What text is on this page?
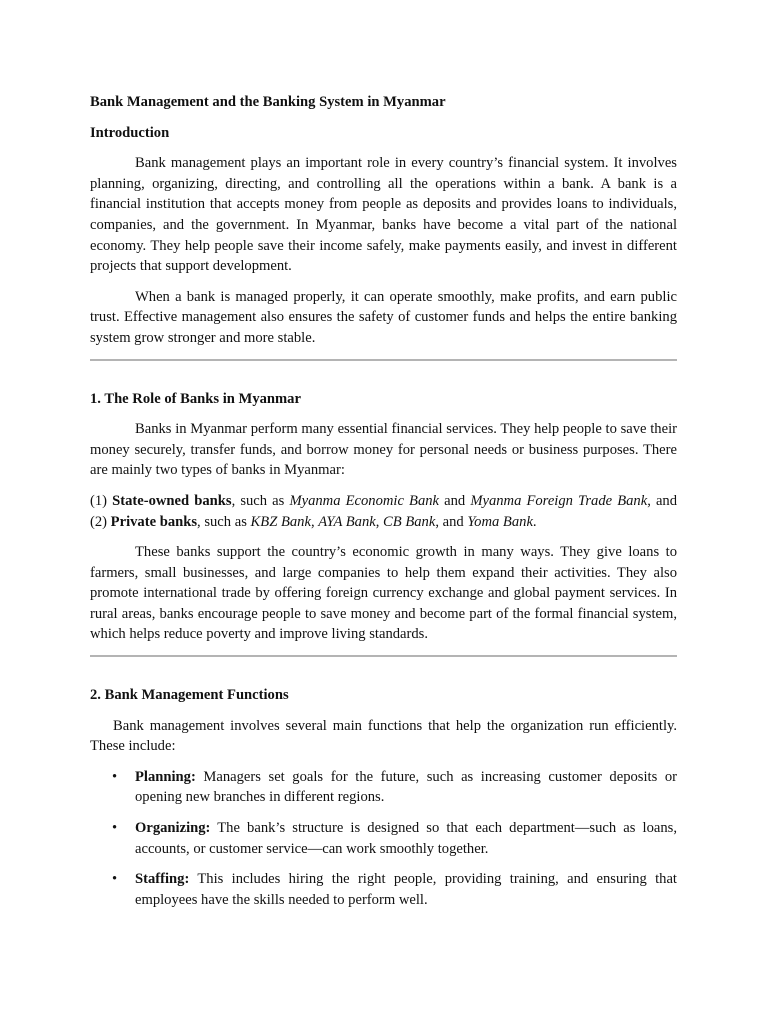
Bank Management and the Banking System in Myanmar

Introduction

Bank management plays an important role in every country’s financial system. It involves planning, organizing, directing, and controlling all the operations within a bank. A bank is a financial institution that accepts money from people as deposits and provides loans to individuals, companies, and the government. In Myanmar, banks have become a vital part of the national economy. They help people save their income safely, make payments easily, and invest in different projects that support development.

When a bank is managed properly, it can operate smoothly, make profits, and earn public trust. Effective management also ensures the safety of customer funds and helps the entire banking system grow stronger and more stable.

1. The Role of Banks in Myanmar

Banks in Myanmar perform many essential financial services. They help people to save their money securely, transfer funds, and borrow money for personal needs or business purposes. There are mainly two types of banks in Myanmar:

(1) State-owned banks, such as Myanma Economic Bank and Myanma Foreign Trade Bank, and
(2) Private banks, such as KBZ Bank, AYA Bank, CB Bank, and Yoma Bank.

These banks support the country’s economic growth in many ways. They give loans to farmers, small businesses, and large companies to help them expand their activities. They also promote international trade by offering foreign currency exchange and global payment services. In rural areas, banks encourage people to save money and become part of the formal financial system, which helps reduce poverty and improve living standards.

2. Bank Management Functions

Bank management involves several main functions that help the organization run efficiently. These include:

• Planning: Managers set goals for the future, such as increasing customer deposits or opening new branches in different regions.
• Organizing: The bank’s structure is designed so that each department—such as loans, accounts, or customer service—can work smoothly together.
• Staffing: This includes hiring the right people, providing training, and ensuring that employees have the skills needed to perform well.
